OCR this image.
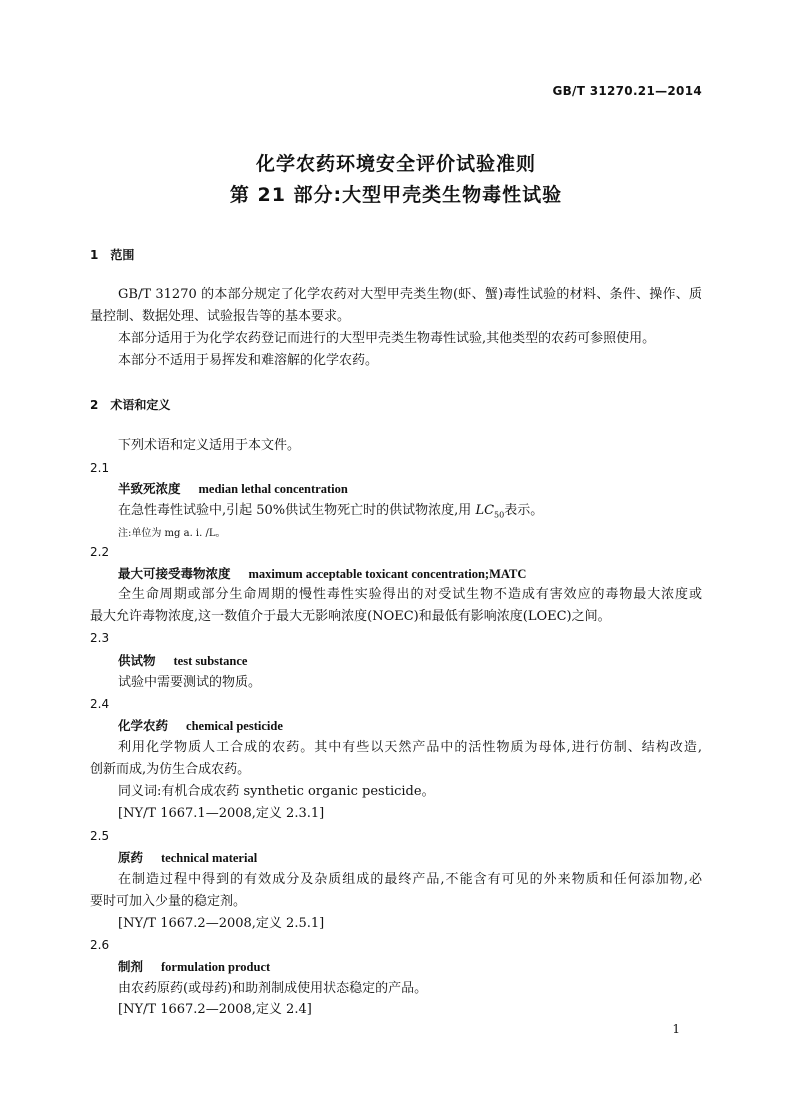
GB/T 31270.21—2014
化学农药环境安全评价试验准则
第 21 部分:大型甲壳类生物毒性试验
1　范围
GB/T 31270 的本部分规定了化学农药对大型甲壳类生物(虾、蟹)毒性试验的材料、条件、操作、质
量控制、数据处理、试验报告等的基本要求。
本部分适用于为化学农药登记而进行的大型甲壳类生物毒性试验,其他类型的农药可参照使用。
本部分不适用于易挥发和难溶解的化学农药。
2　术语和定义
下列术语和定义适用于本文件。
2.1
半致死浓度 median lethal concentration
在急性毒性试验中,引起 50%供试生物死亡时的供试物浓度,用 $LC_{50}$表示。
注:单位为 mg a. i. /L。
2.2
最大可接受毒物浓度 maximum acceptable toxicant concentration;MATC
全生命周期或部分生命周期的慢性毒性实验得出的对受试生物不造成有害效应的毒物最大浓度或
最大允许毒物浓度,这一数值介于最大无影响浓度(NOEC)和最低有影响浓度(LOEC)之间。
2.3
供试物 test substance
试验中需要测试的物质。
2.4
化学农药 chemical pesticide
利用化学物质人工合成的农药。其中有些以天然产品中的活性物质为母体,进行仿制、结构改造,
创新而成,为仿生合成农药。
同义词:有机合成农药 synthetic organic pesticide。
[NY/T 1667.1—2008,定义 2.3.1]
2.5
原药 technical material
在制造过程中得到的有效成分及杂质组成的最终产品,不能含有可见的外来物质和任何添加物,必
要时可加入少量的稳定剂。
[NY/T 1667.2—2008,定义 2.5.1]
2.6
制剂 formulation product
由农药原药(或母药)和助剂制成使用状态稳定的产品。
[NY/T 1667.2—2008,定义 2.4]
1
